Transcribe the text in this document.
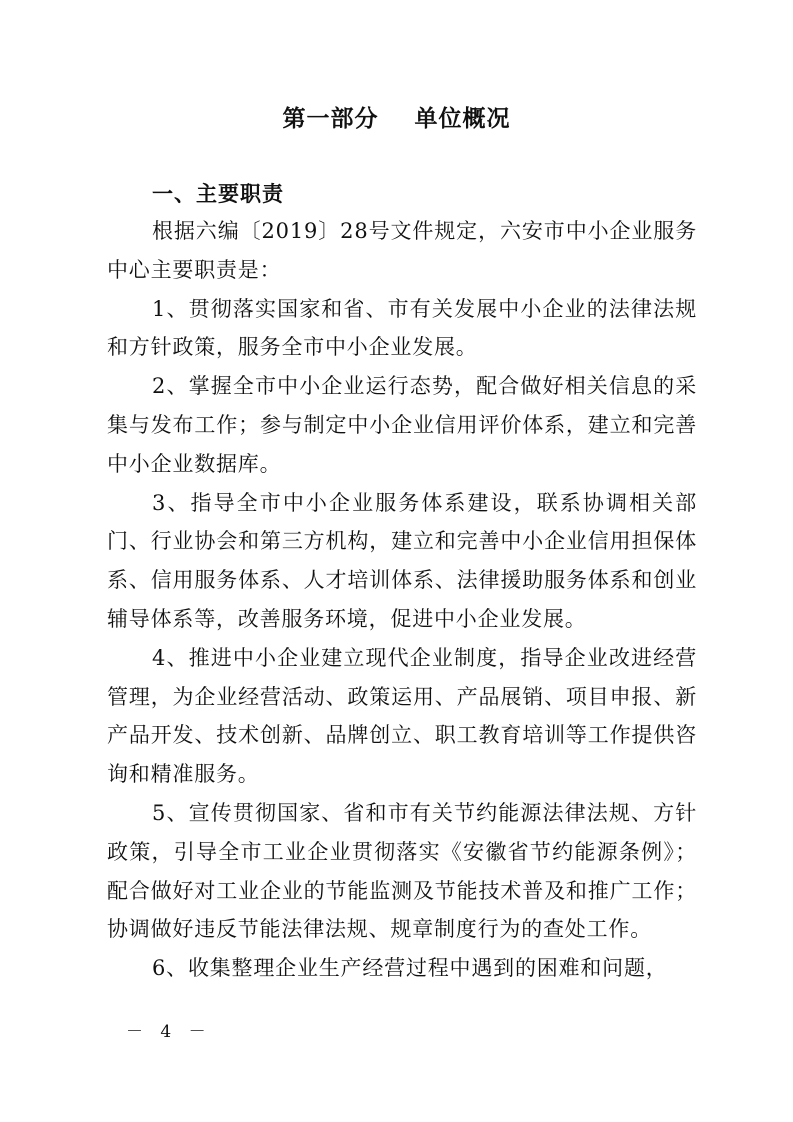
第一部分    单位概况
一、主要职责

根据六编〔2019〕28号文件规定，六安市中小企业服务中心主要职责是：

1、贯彻落实国家和省、市有关发展中小企业的法律法规和方针政策，服务全市中小企业发展。

2、掌握全市中小企业运行态势，配合做好相关信息的采集与发布工作；参与制定中小企业信用评价体系，建立和完善中小企业数据库。

3、指导全市中小企业服务体系建设，联系协调相关部门、行业协会和第三方机构，建立和完善中小企业信用担保体系、信用服务体系、人才培训体系、法律援助服务体系和创业辅导体系等，改善服务环境，促进中小企业发展。

4、推进中小企业建立现代企业制度，指导企业改进经营管理，为企业经营活动、政策运用、产品展销、项目申报、新产品开发、技术创新、品牌创立、职工教育培训等工作提供咨询和精准服务。

5、宣传贯彻国家、省和市有关节约能源法律法规、方针政策，引导全市工业企业贯彻落实《安徽省节约能源条例》；配合做好对工业企业的节能监测及节能技术普及和推广工作；协调做好违反节能法律法规、规章制度行为的查处工作。

6、收集整理企业生产经营过程中遇到的困难和问题，

－ 4 －
